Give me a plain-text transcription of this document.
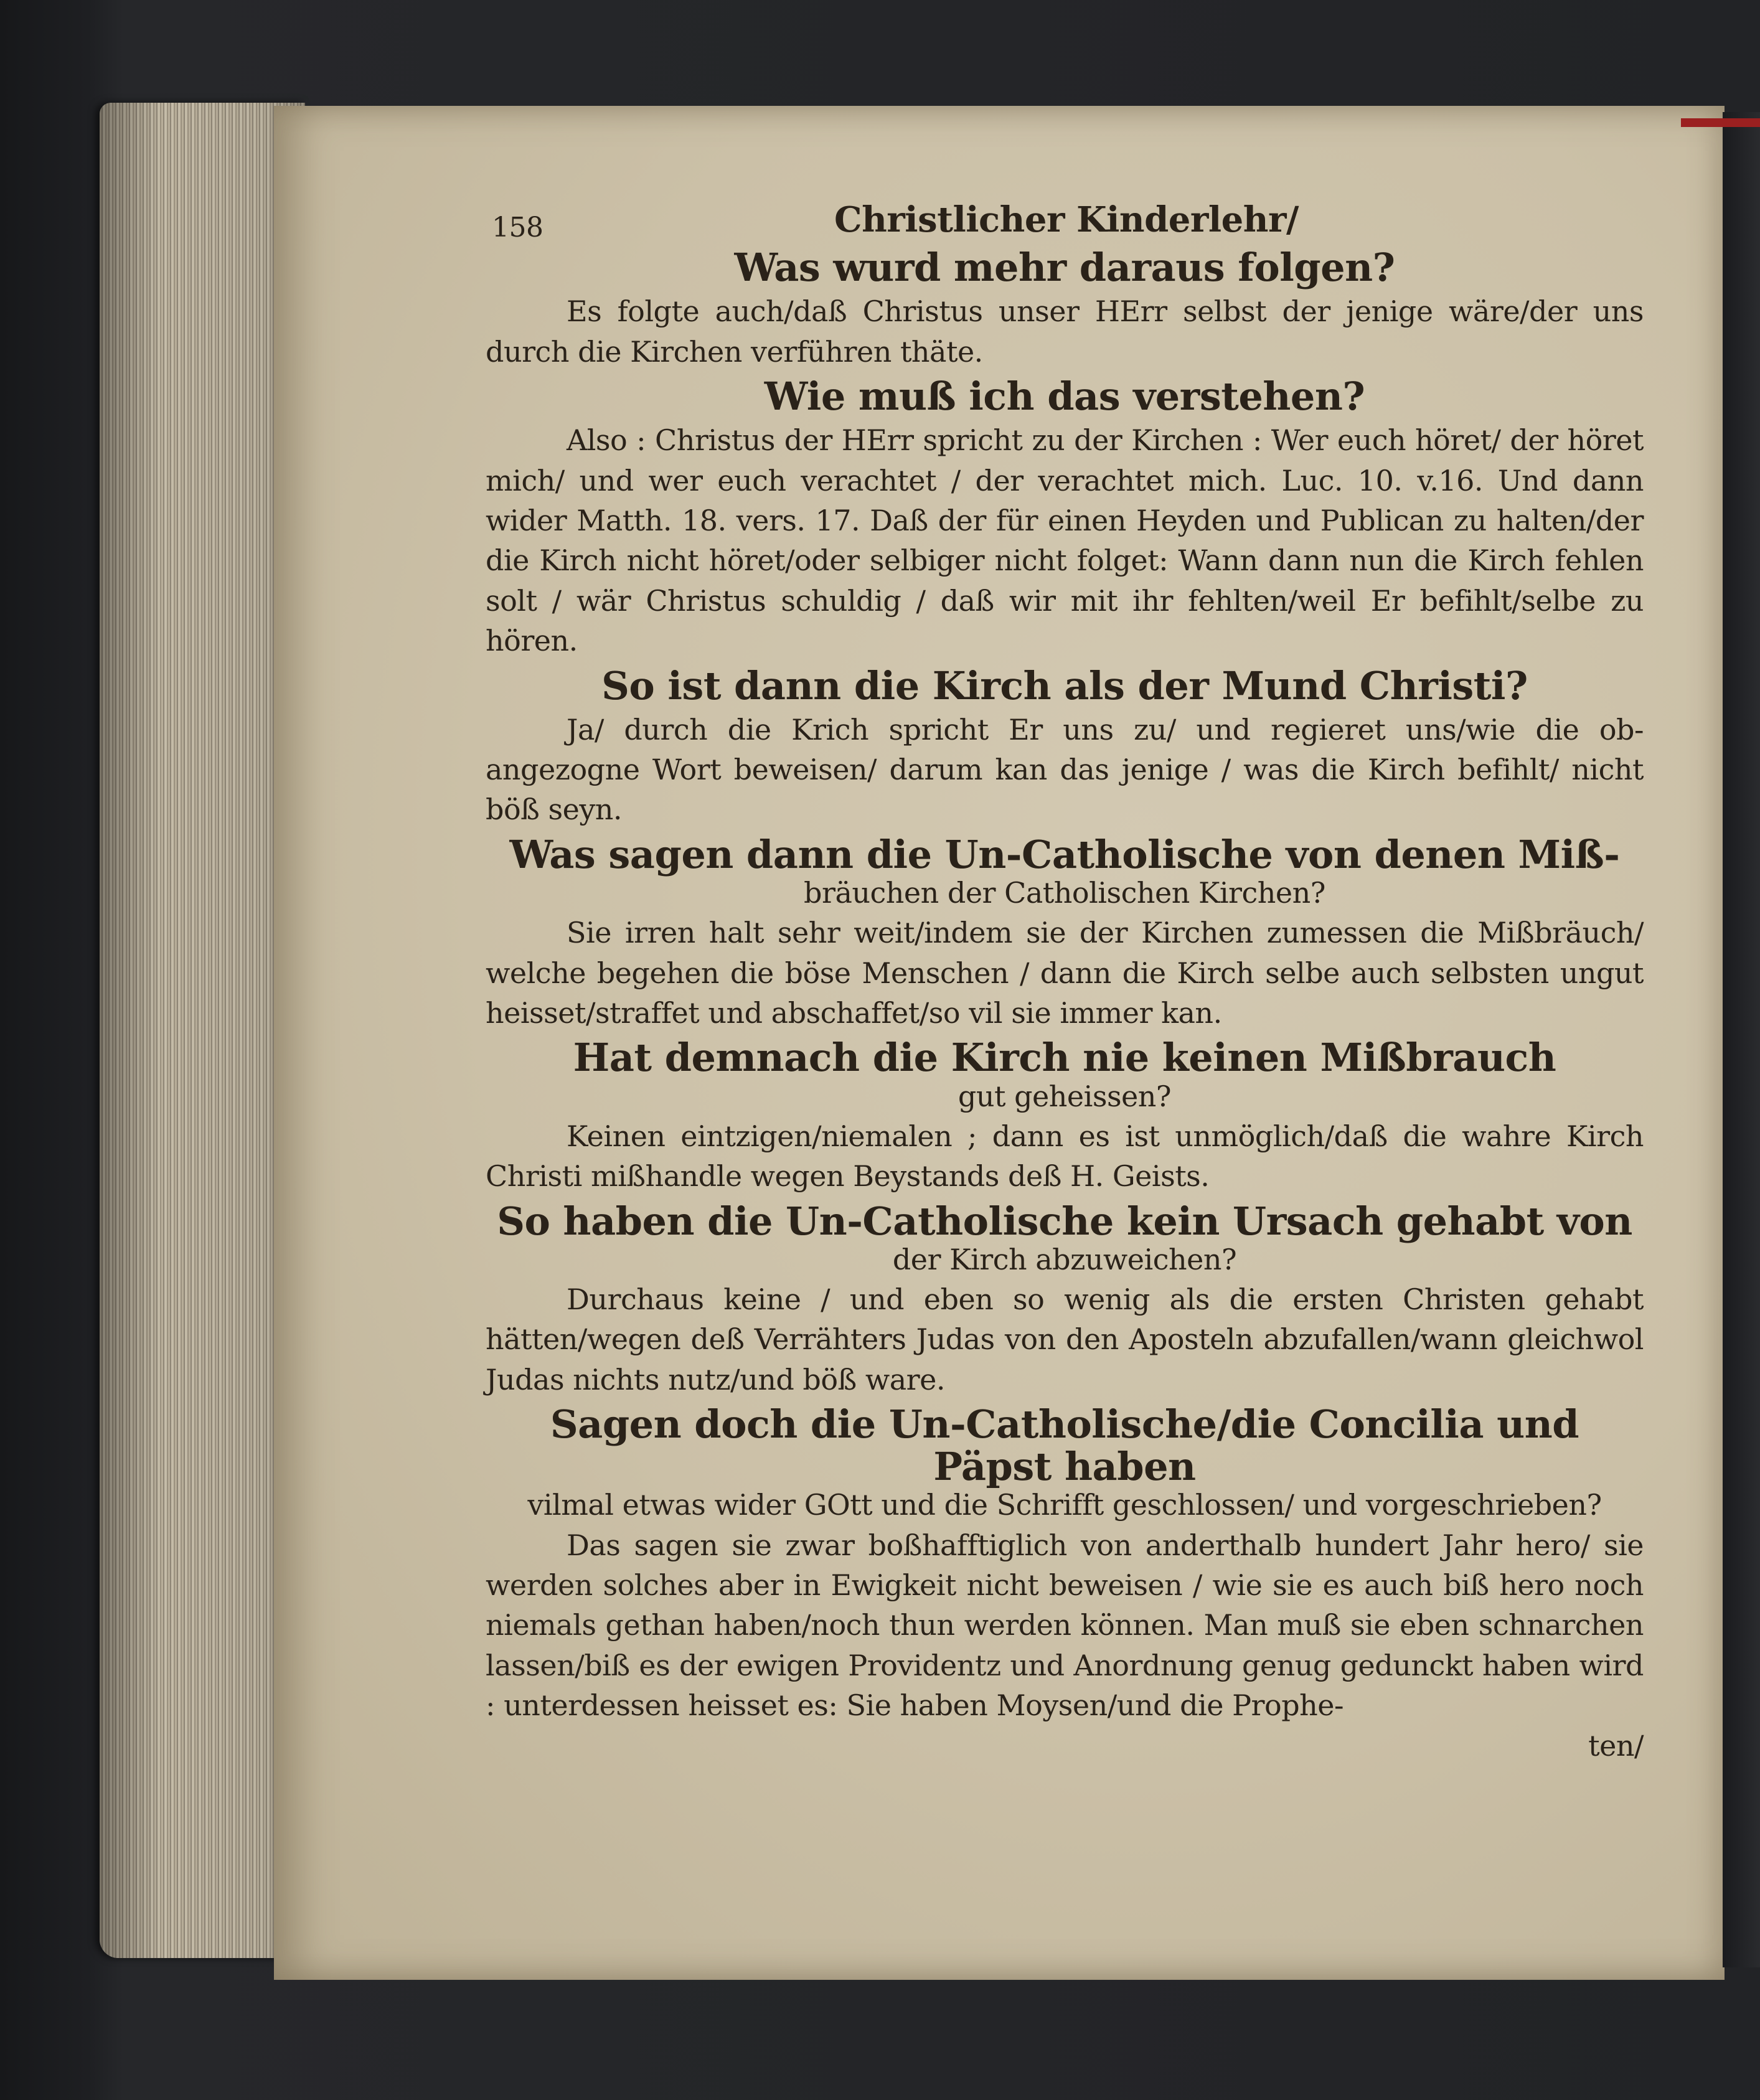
158	Christlicher Kinderlehr/
Was wurd mehr daraus folgen?

Es folgte auch/daß Christus unser HErr selbst der jenige wäre/der uns durch die Kirchen verführen thäte.

Wie muß ich das verstehen?

Also : Christus der HErr spricht zu der Kirchen : Wer euch höret/ der höret mich/ und wer euch verachtet / der verachtet mich. Luc. 10. v.16. Und dann wider Matth. 18. vers. 17. Daß der für einen Heyden und Publican zu halten/der die Kirch nicht höret/oder selbiger nicht folget: Wann dann nun die Kirch fehlen solt / wär Christus schuldig / daß wir mit ihr fehlten/weil Er befihlt/selbe zu hören.

So ist dann die Kirch als der Mund Christi?

Ja/ durch die Krich spricht Er uns zu/ und regieret uns/wie die ob-angezogne Wort beweisen/ darum kan das jenige / was die Kirch befihlt/ nicht böß seyn.

Was sagen dann die Un-Catholische von denen Miß-
bräuchen der Catholischen Kirchen?

Sie irren halt sehr weit/indem sie der Kirchen zumessen die Mißbräuch/ welche begehen die böse Menschen / dann die Kirch selbe auch selbsten ungut heisset/straffet und abschaffet/so vil sie immer kan.

Hat demnach die Kirch nie keinen Mißbrauch
gut geheissen?

Keinen eintzigen/niemalen ; dann es ist unmöglich/daß die wahre Kirch Christi mißhandle wegen Beystands deß H. Geists.

So haben die Un-Catholische kein Ursach gehabt von
der Kirch abzuweichen?

Durchaus keine / und eben so wenig als die ersten Christen gehabt hätten/wegen deß Verrähters Judas von den Aposteln abzufallen/wann gleichwol Judas nichts nutz/und böß ware.

Sagen doch die Un-Catholische/die Concilia und Päpst haben
vilmal etwas wider GOtt und die Schrifft geschlossen/ und vorgeschrieben?

Das sagen sie zwar boßhafftiglich von anderthalb hundert Jahr hero/ sie werden solches aber in Ewigkeit nicht beweisen / wie sie es auch biß hero noch niemals gethan haben/noch thun werden können. Man muß sie eben schnarchen lassen/biß es der ewigen Providentz und Anordnung genug gedunckt haben wird : unterdessen heisset es: Sie haben Moysen/und die Prophe-

ten/
